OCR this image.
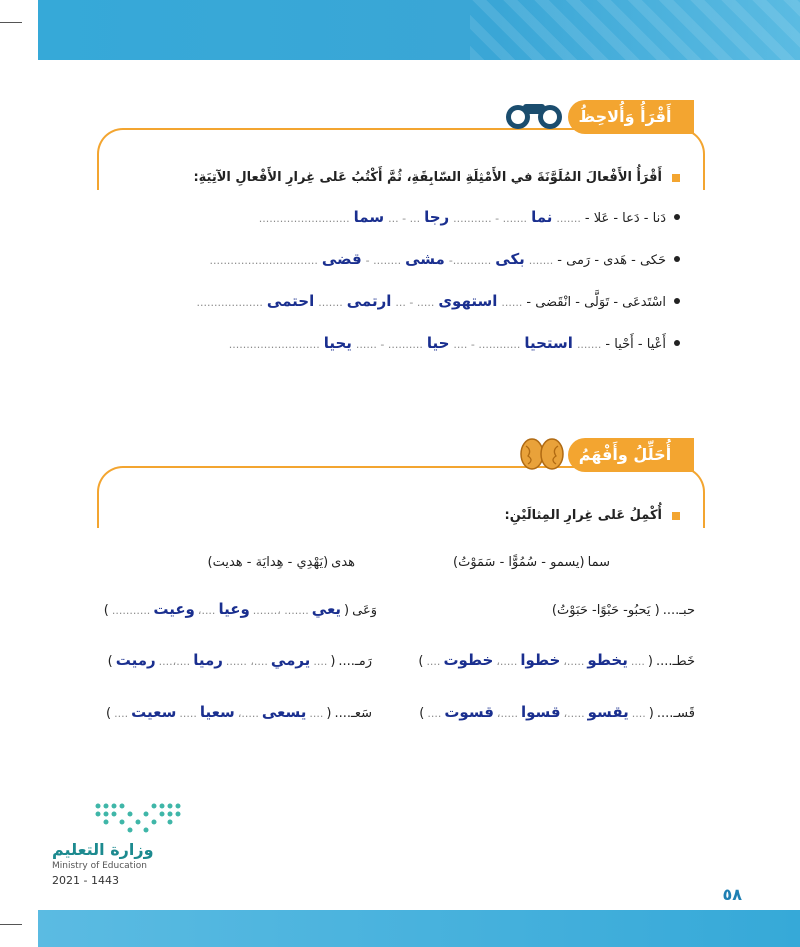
٥٨
أَقْرَأُ وَأُلاحِظُ
أَقْرَأُ الأَفْعالَ المُلَوَّنَةَ في الأَمْثِلَةِ السّابِقَةِ، ثُمَّ أَكْتُبُ عَلى غِرارِ الأَفْعالِ الآتِيَةِ:
دَنا - دَعا - عَلا -
.......
نما
....... - ...........
رجا
... - ...
سما
..........................
حَكى - هَدى - رَمى -
.......
بكى
...........-
مشى
........ -
قضى
...............................
اسْتَدعَى - تَوَلَّى - انْقَضى -
......
استهوى
..... - ...
ارتمى
.......
احتمى
...................
أَعْيا - أَحْيا -
.......
استحيا
............ - ....
حيا
.......... - ......
يحيا
..........................
أُحَلِّلُ وأَفْهَمُ
أُكْمِلُ عَلى غِرارِ المِثالَيْنِ:
سما
(يسمو - سُمُوًّا - سَمَوْتُ)
هدى
(يَهْدِي - هِدايَة - هديت)
حبـ....
( يَحبُو- حَبْوًا- حَبَوْتُ)
وَعَى
(
يعي
....... ،.......
وعيا
....،
وعيت
...........
)
خَطـ....
(
....
يخطو
.....،
خطوا
.....،
خطوت
....
)
رَمـ....
(
....
يرمي
....، ......
رميا
....،....
رميت
)
قَسـ....
(
....
يقسو
.....،
قسوا
.....،
قسوت
....
)
سَعـ....
(
....
يسعى
.....،
سعيا
.....
سعيت
....
)
وزارة التعليم
Ministry of Education
2021 - 1443
